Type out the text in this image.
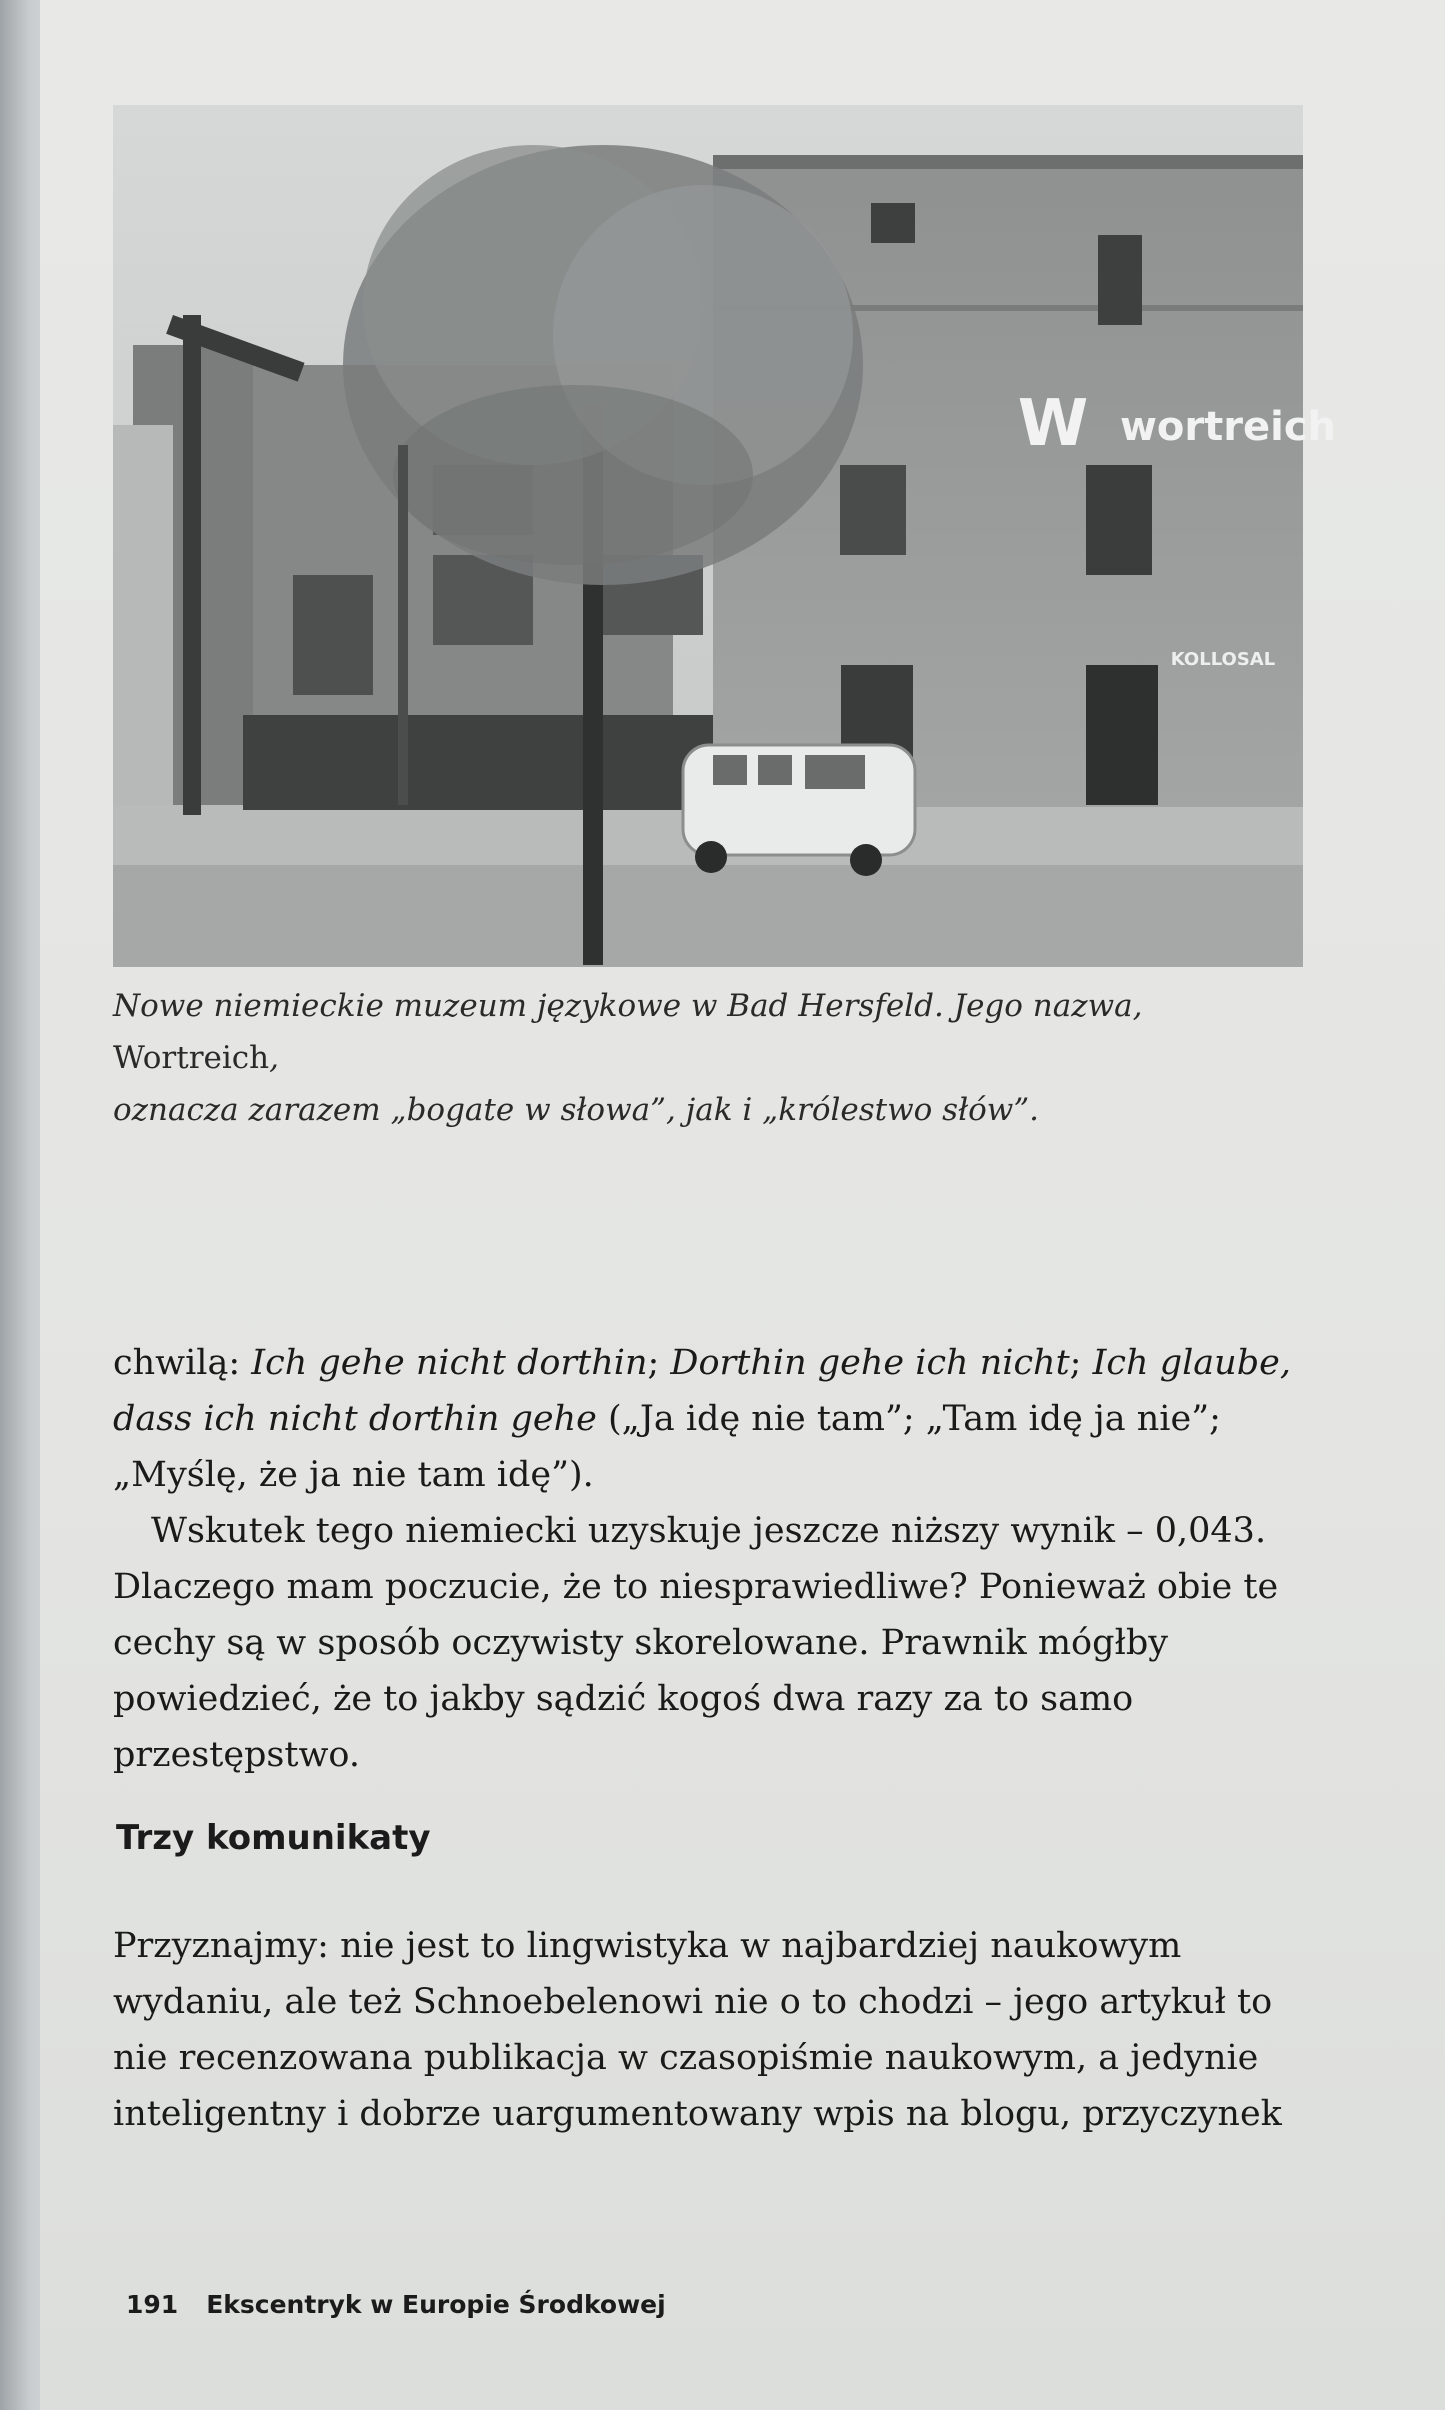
W wortreich
KOLLOSAL
Nowe niemieckie muzeum językowe w Bad Hersfeld. Jego nazwa, Wortreich,
oznacza zarazem „bogate w słowa”, jak i „królestwo słów”.

chwilą: Ich gehe nicht dorthin; Dorthin gehe ich nicht; Ich glaube, dass ich nicht dorthin gehe („Ja idę nie tam”; „Tam idę ja nie”; „Myślę, że ja nie tam idę”).

Wskutek tego niemiecki uzyskuje jeszcze niższy wynik – 0,043. Dlaczego mam poczucie, że to niesprawiedliwe? Ponieważ obie te cechy są w sposób oczywisty skorelowane. Prawnik mógłby powiedzieć, że to jakby sądzić kogoś dwa razy za to samo przestępstwo.

Trzy komunikaty

Przyznajmy: nie jest to lingwistyka w najbardziej naukowym wydaniu, ale też Schnoebelenowi nie o to chodzi – jego artykuł to nie recenzowana publikacja w czasopiśmie naukowym, a jedynie inteligentny i dobrze uargumentowany wpis na blogu, przyczynek

191 Ekscentryk w Europie Środkowej
